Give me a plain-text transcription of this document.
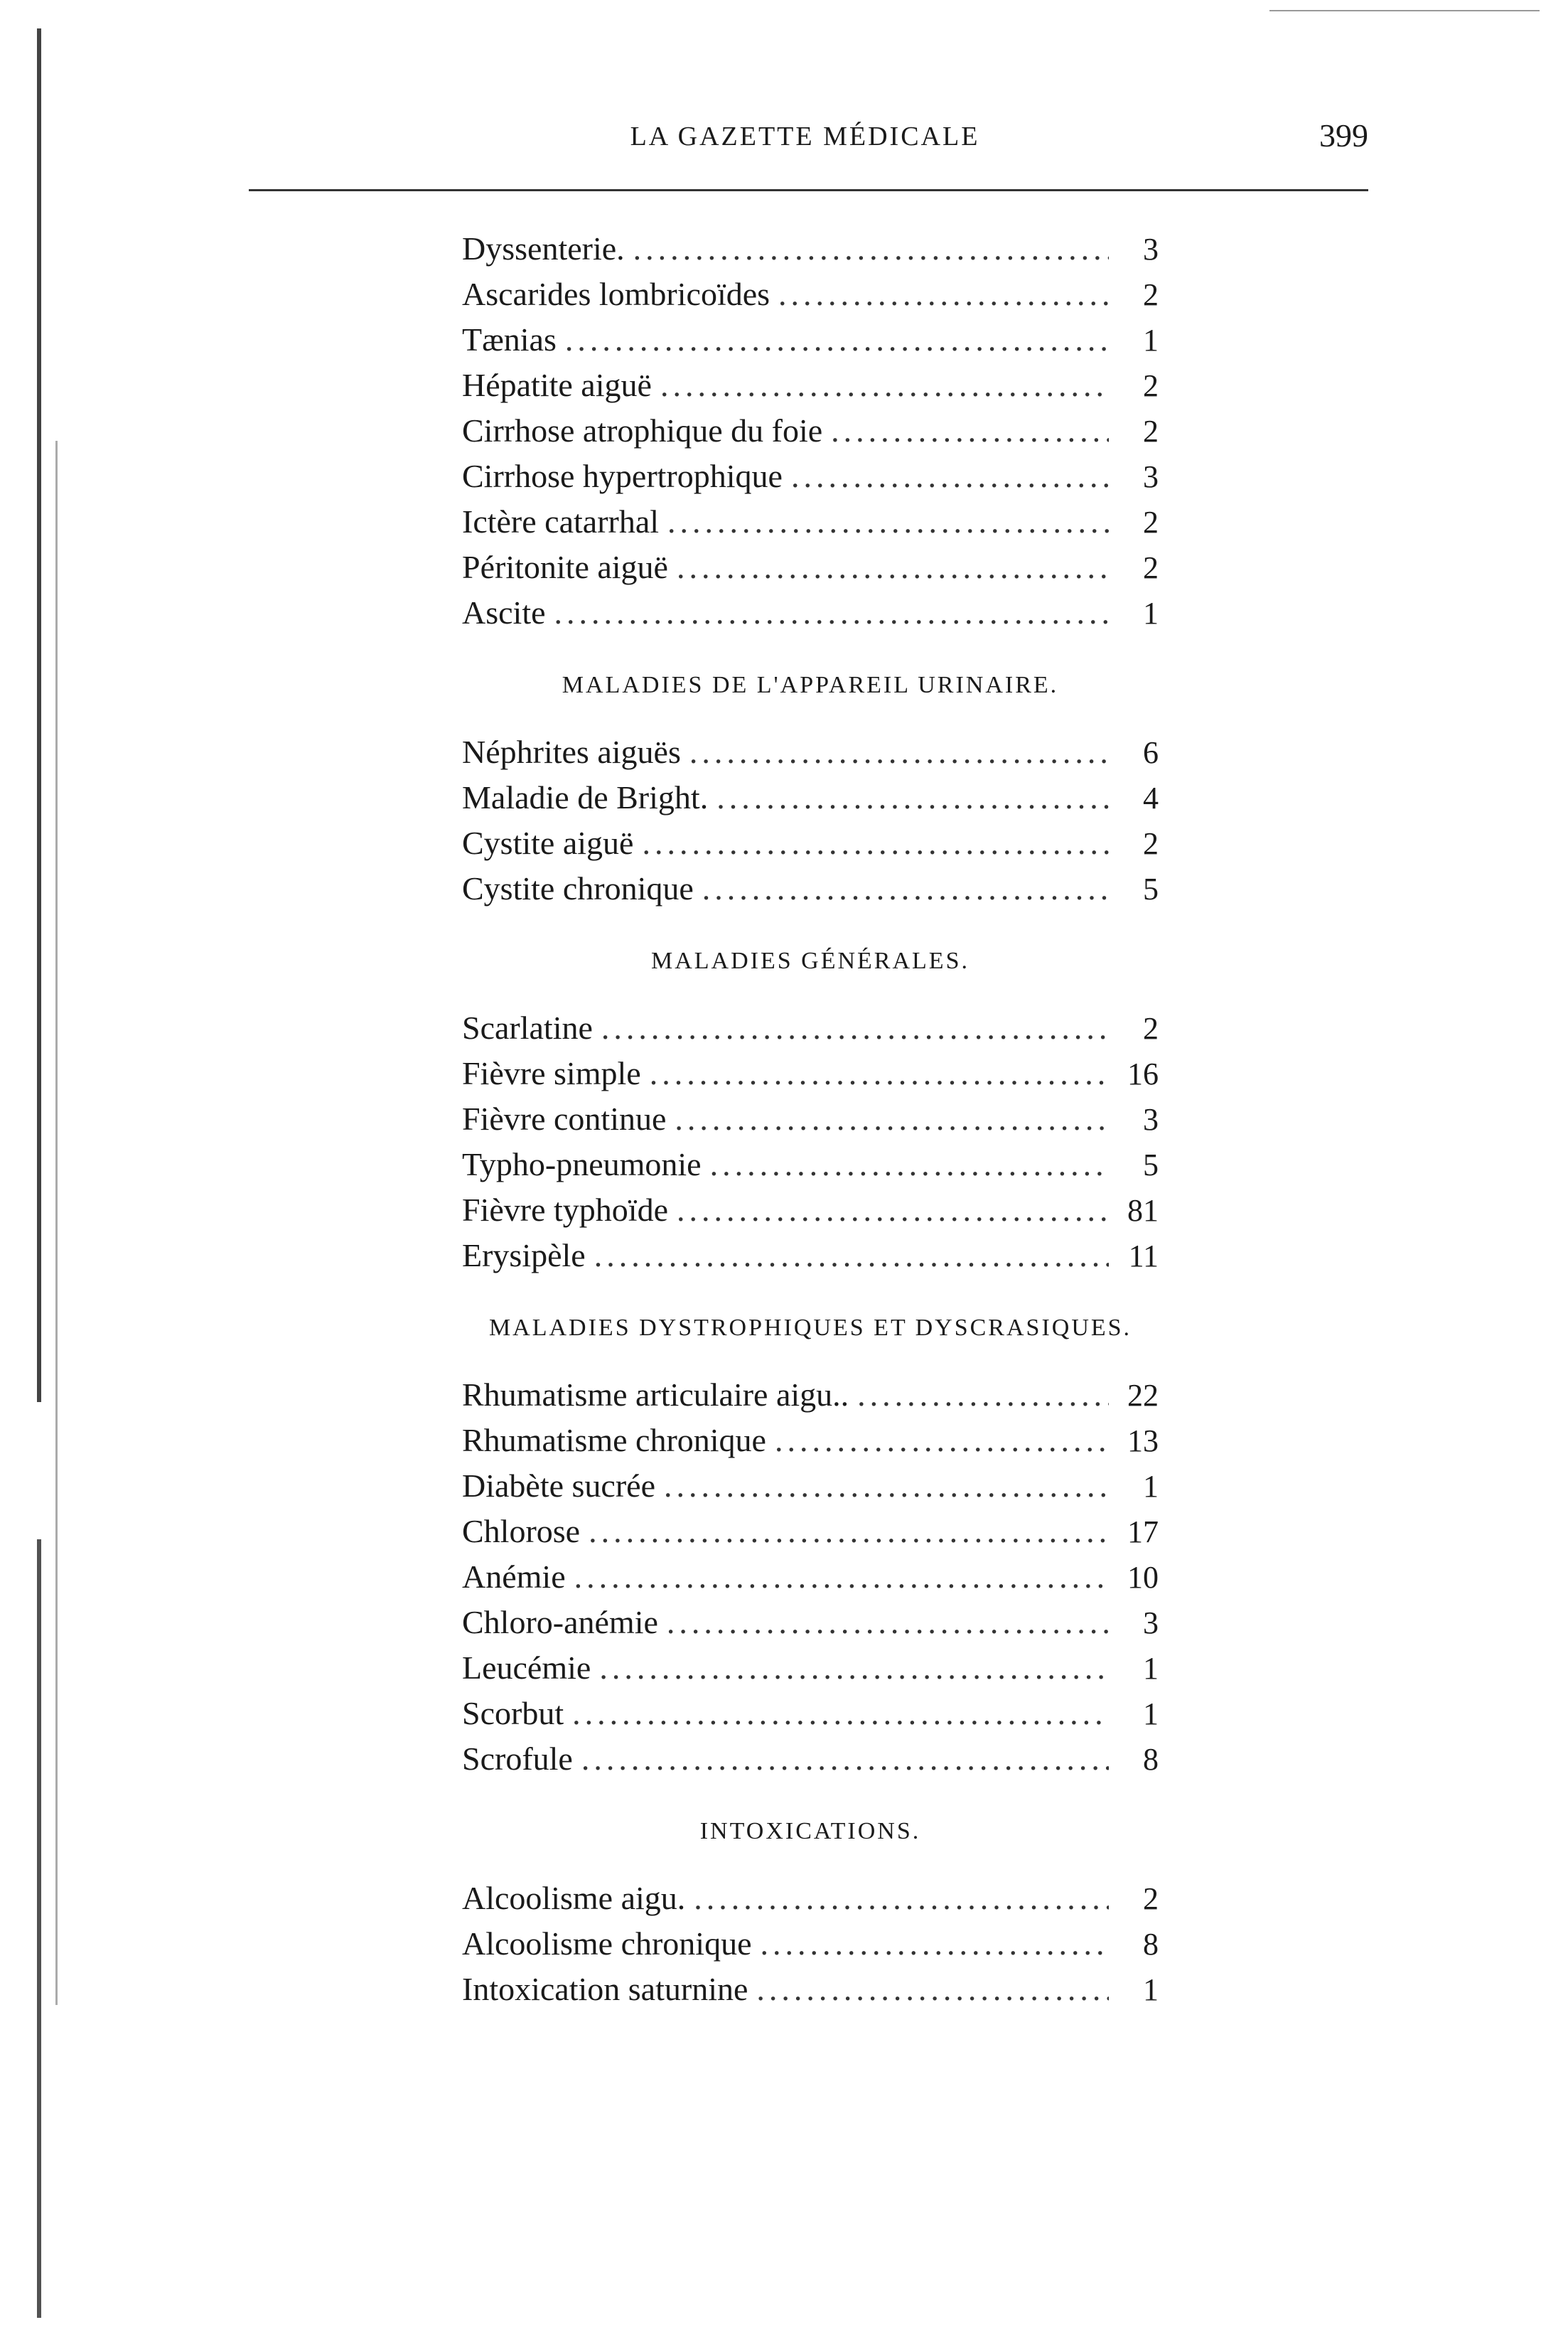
LA GAZETTE MÉDICALE	399
Dyssenterie. .....	3
Ascarides lombricoïdes .....	2
Tænias .....	1
Hépatite aiguë .....	2
Cirrhose atrophique du foie .....	2
Cirrhose hypertrophique .....	3
Ictère catarrhal .....	2
Péritonite aiguë .....	2
Ascite .....	1
MALADIES DE L'APPAREIL URINAIRE.
Néphrites aiguës .....	6
Maladie de Bright. .....	4
Cystite aiguë .....	2
Cystite chronique .....	5
MALADIES GÉNÉRALES.
Scarlatine .....	2
Fièvre simple .....	16
Fièvre continue .....	3
Typho-pneumonie .....	5
Fièvre typhoïde .....	81
Erysipèle .....	11
MALADIES DYSTROPHIQUES ET DYSCRASIQUES.
Rhumatisme articulaire aigu.. .....	22
Rhumatisme chronique .....	13
Diabète sucrée .....	1
Chlorose .....	17
Anémie .....	10
Chloro-anémie .....	3
Leucémie .....	1
Scorbut .....	1
Scrofule .....	8
INTOXICATIONS.
Alcoolisme aigu. .....	2
Alcoolisme chronique .....	8
Intoxication saturnine .....	1
